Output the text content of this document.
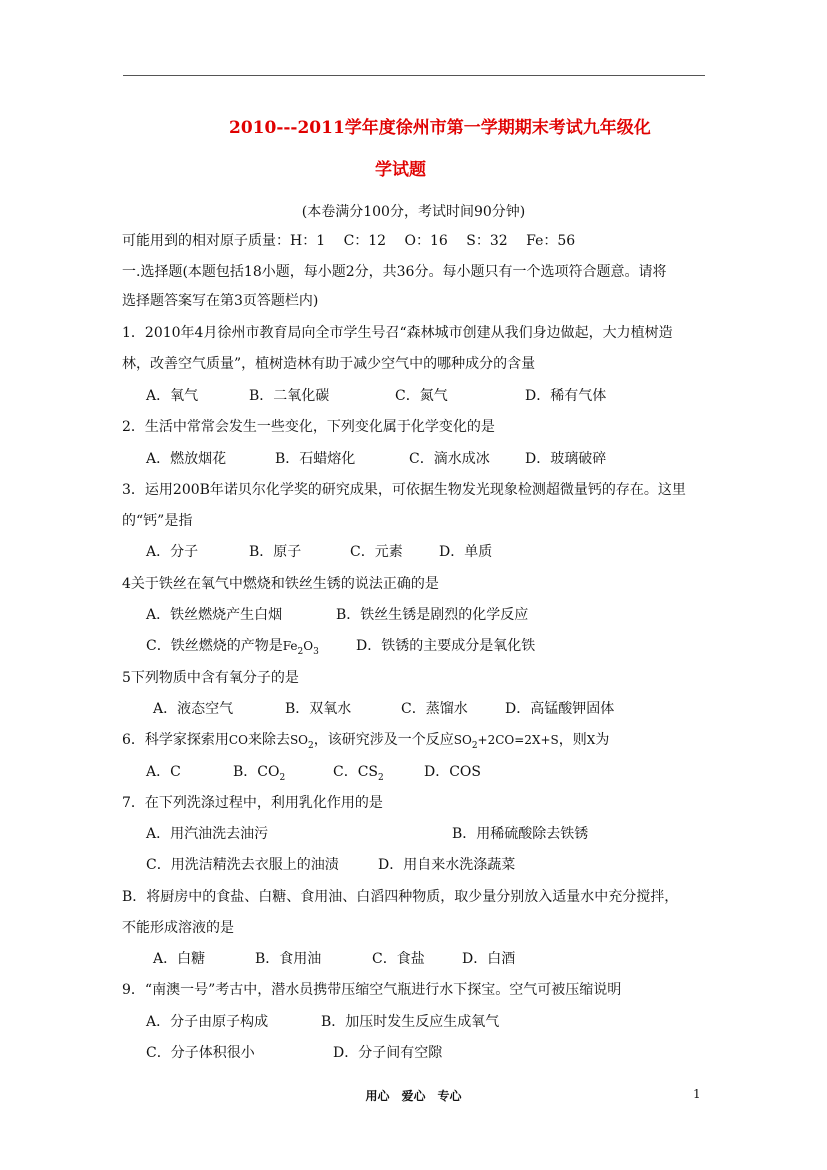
2010---2011学年度徐州市第一学期期末考试九年级化
学试题
(本卷满分100分，考试时间90分钟)
可能用到的相对原子质量：H：1　 C：12　 O：16　 S：32　 Fe：56
一.选择题(本题包括18小题，每小题2分，共36分。每小题只有一个选项符合题意。请将
选择题答案写在第3页答题栏内)
1．2010年4月徐州市教育局向全市学生号召“森林城市创建从我们身边做起，大力植树造
林，改善空气质量”，植树造林有助于减少空气中的哪种成分的含量
A．氧气	B．二氧化碳	C．氮气	D．稀有气体
2．生活中常常会发生一些变化，下列变化属于化学变化的是
A．燃放烟花	B．石蜡熔化	C．滴水成冰	D．玻璃破碎
3．运用200B年诺贝尔化学奖的研究成果，可依据生物发光现象检测超微量钙的存在。这里
的“钙”是指
A．分子	B．原子	C．元素	D．单质
4关于铁丝在氧气中燃烧和铁丝生锈的说法正确的是
A．铁丝燃烧产生白烟	B．铁丝生锈是剧烈的化学反应
C．铁丝燃烧的产物是$Fe_2O_3$	D．铁锈的主要成分是氧化铁
5下列物质中含有氧分子的是
A．液态空气	B．双氧水	C．蒸馏水	D．高锰酸钾固体
6．科学家探索用CO来除去$SO_2$，该研究涉及一个反应$SO_2+2CO=2X+S$，则X为
A．C	B．$CO_2$	C．$CS_2$	D．COS
7．在下列洗涤过程中，利用乳化作用的是
A．用汽油洗去油污	B．用稀硫酸除去铁锈
C．用洗洁精洗去衣服上的油渍	D．用自来水洗涤蔬菜
B．将厨房中的食盐、白糖、食用油、白滔四种物质，取少量分别放入适量水中充分搅拌，
不能形成溶液的是
A．白糖	B．食用油	C．食盐	D．白酒
9．“南澳一号”考古中，潜水员携带压缩空气瓶进行水下探宝。空气可被压缩说明
A．分子由原子构成	B．加压时发生反应生成氧气
C．分子体积很小	D．分子间有空隙
用心　爱心　专心	1
